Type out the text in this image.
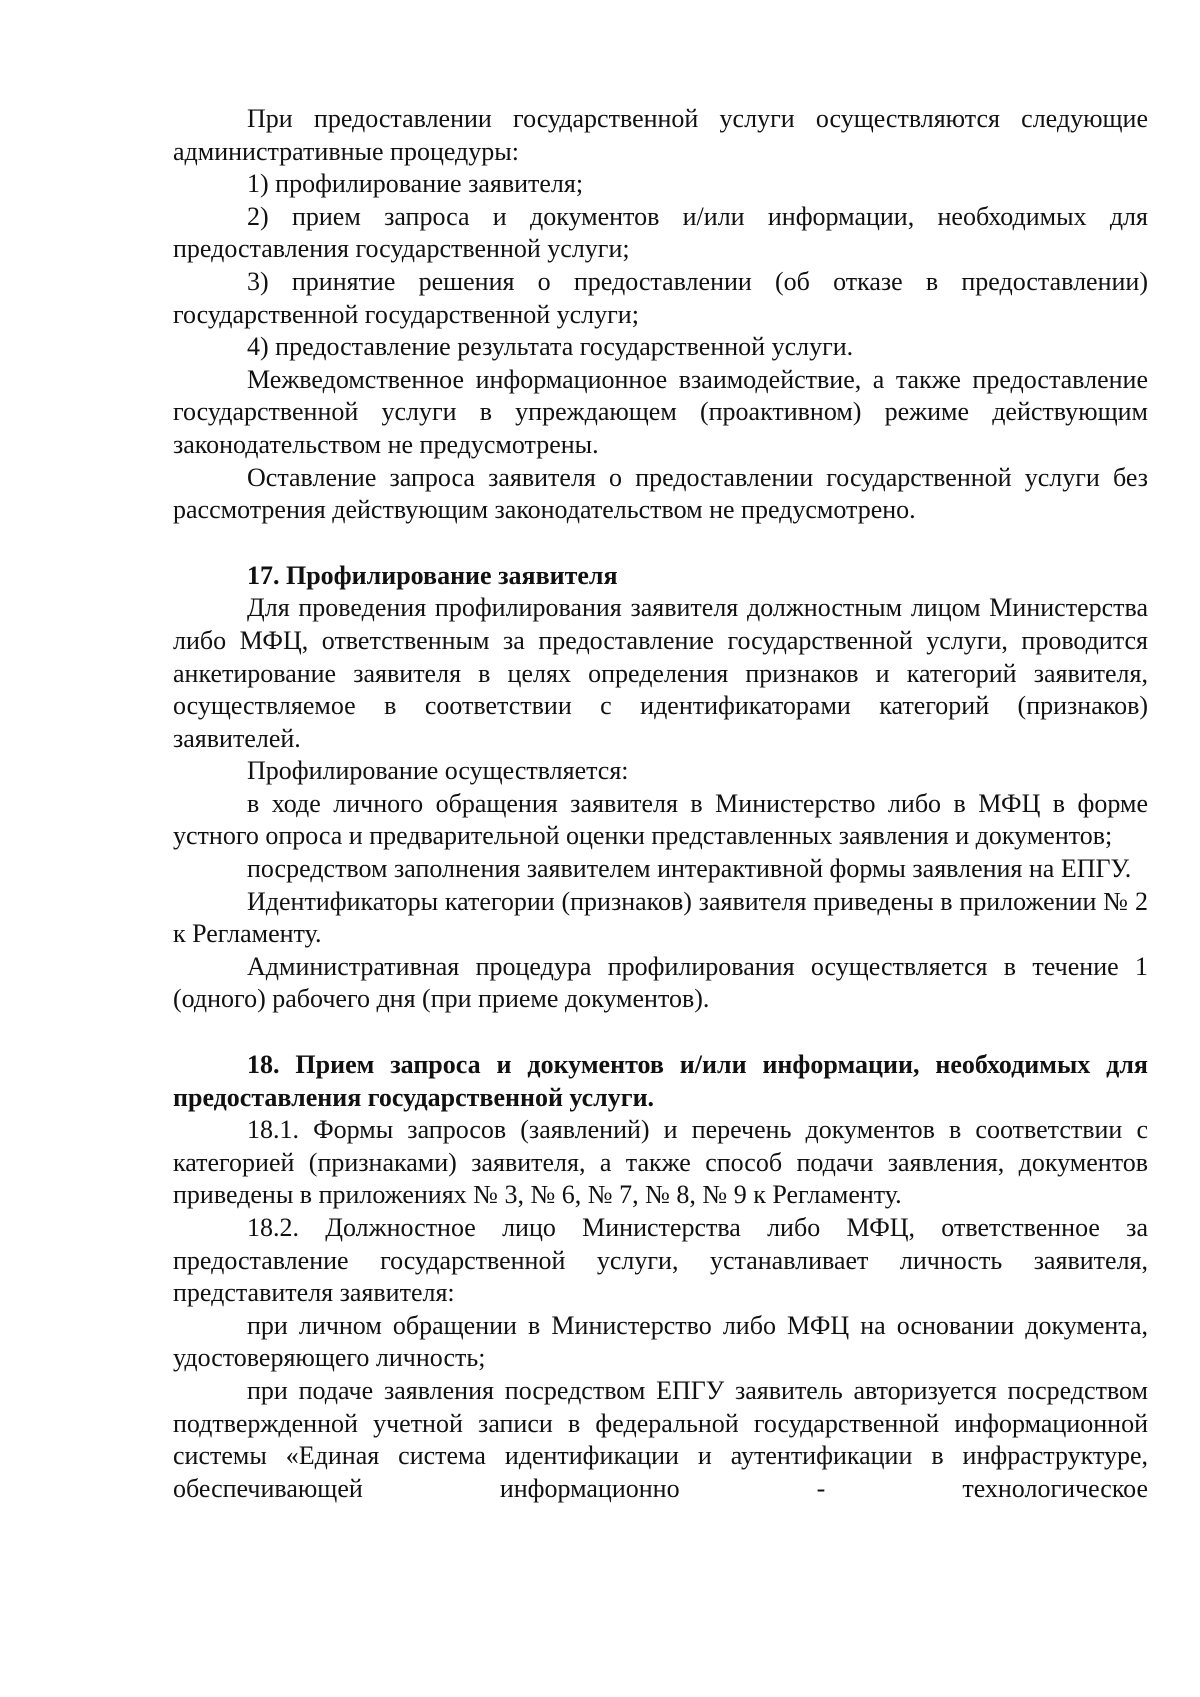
При предоставлении государственной услуги осуществляются следующие административные процедуры:

1) профилирование заявителя;

2) прием запроса и документов и/или информации, необходимых для предоставления государственной услуги;

3) принятие решения о предоставлении (об отказе в предоставлении) государственной государственной услуги;

4) предоставление результата государственной услуги.

Межведомственное информационное взаимодействие, а также предоставление государственной услуги в упреждающем (проактивном) режиме действующим законодательством не предусмотрены.

Оставление запроса заявителя о предоставлении государственной услуги без рассмотрения действующим законодательством не предусмотрено.

17. Профилирование заявителя

Для проведения профилирования заявителя должностным лицом Министерства либо МФЦ, ответственным за предоставление государственной услуги, проводится анкетирование заявителя в целях определения признаков и категорий заявителя, осуществляемое в соответствии с идентификаторами категорий (признаков) заявителей.

Профилирование осуществляется:

в ходе личного обращения заявителя в Министерство либо в МФЦ в форме устного опроса и предварительной оценки представленных заявления и документов;

посредством заполнения заявителем интерактивной формы заявления на ЕПГУ.

Идентификаторы категории (признаков) заявителя приведены в приложении № 2 к Регламенту.

Административная процедура профилирования осуществляется в течение 1 (одного) рабочего дня (при приеме документов).

18. Прием запроса и документов и/или информации, необходимых для предоставления государственной услуги.

18.1. Формы запросов (заявлений) и перечень документов в соответствии с категорией (признаками) заявителя, а также способ подачи заявления, документов приведены в приложениях № 3, № 6, № 7, № 8, № 9 к Регламенту.

18.2. Должностное лицо Министерства либо МФЦ, ответственное за предоставление государственной услуги, устанавливает личность заявителя, представителя заявителя:

при личном обращении в Министерство либо МФЦ на основании документа, удостоверяющего личность;

при подаче заявления посредством ЕПГУ заявитель авторизуется посредством подтвержденной учетной записи в федеральной государственной информационной системы «Единая система идентификации и аутентификации в инфраструктуре, обеспечивающей информационно - технологическое
